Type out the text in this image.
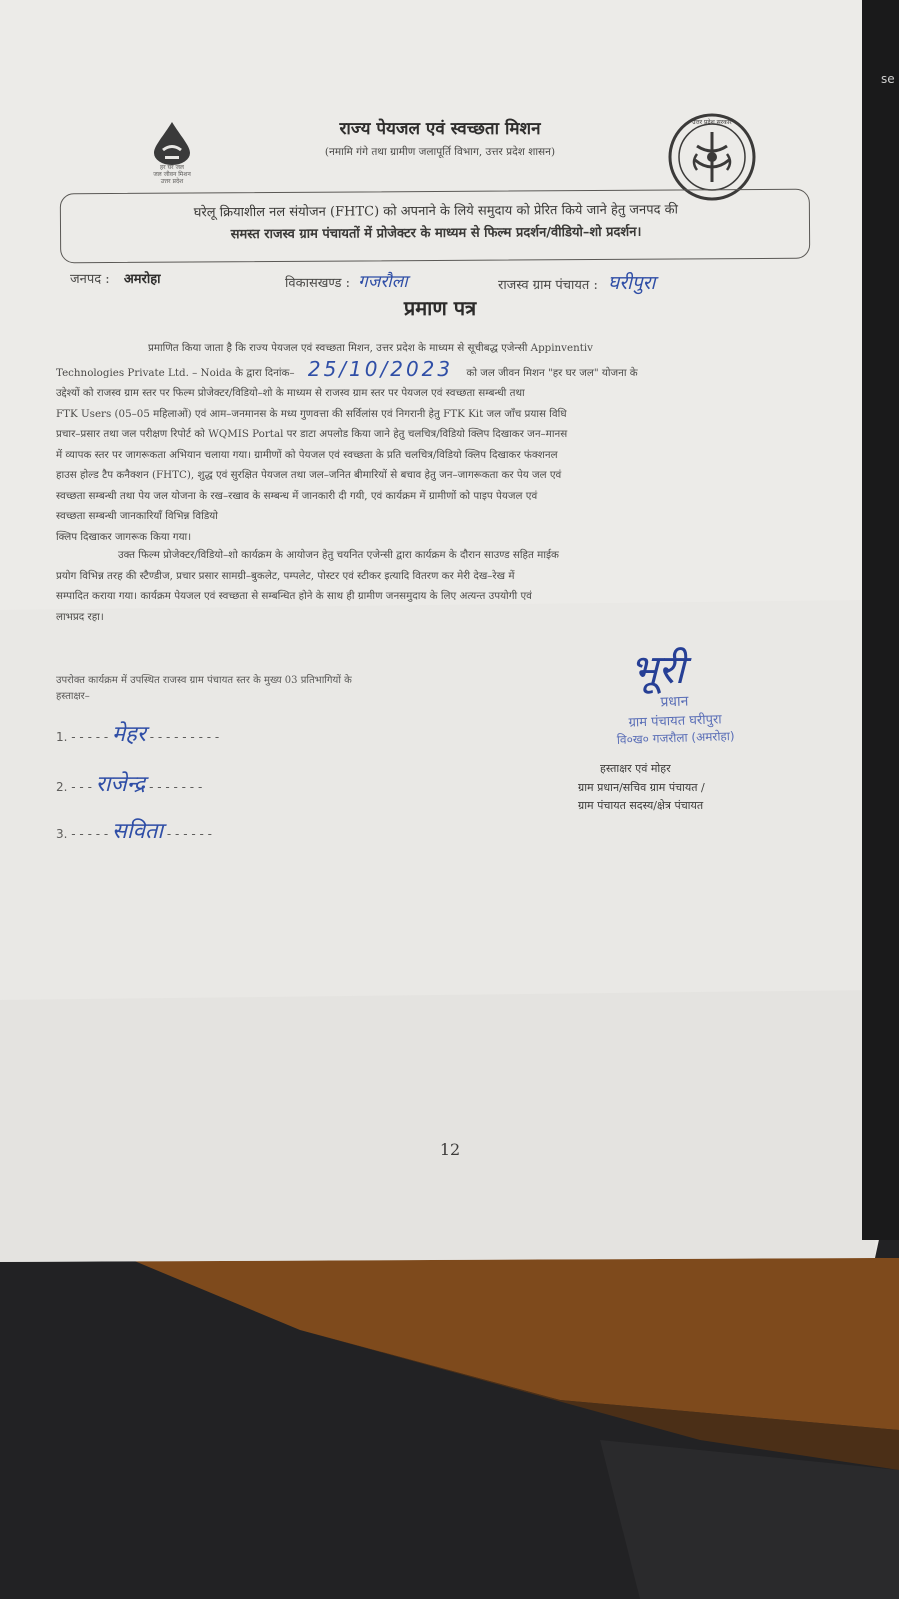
हर घर जल
जल जीवन मिशन
उत्तर प्रदेश
राज्य पेयजल एवं स्वच्छता मिशन
(नमामि गंगे तथा ग्रामीण जलापूर्ति विभाग, उत्तर प्रदेश शासन)
उत्तर प्रदेश सरकार

घरेलू क्रियाशील नल संयोजन (FHTC) को अपनाने के लिये समुदाय को प्रेरित किये जाने हेतु जनपद की

समस्त राजस्व ग्राम पंचायतों में प्रोजेक्टर के माध्यम से फिल्म प्रदर्शन/वीडियो–शो प्रदर्शन।

जनपद : अमरोहा	विकासखण्ड : गजरौला	राजस्व ग्राम पंचायत : घरीपुरा
प्रमाण पत्र
प्रमाणित किया जाता है कि राज्य पेयजल एवं स्वच्छता मिशन, उत्तर प्रदेश के माध्यम से सूचीबद्ध एजेन्सी Appinventiv
Technologies Private Ltd. – Noida के द्वारा दिनांक– 25/10/2023 को जल जीवन मिशन "हर घर जल" योजना के
उद्देश्यों को राजस्व ग्राम स्तर पर फिल्म प्रोजेक्टर/विडियो–शो के माध्यम से राजस्व ग्राम स्तर पर पेयजल एवं स्वच्छता सम्बन्धी तथा
FTK Users (05–05 महिलाओं) एवं आम–जनमानस के मध्य गुणवत्ता की सर्विलांस एवं निगरानी हेतु FTK Kit जल जाँच प्रयास विधि
प्रचार–प्रसार तथा जल परीक्षण रिपोर्ट को WQMIS Portal पर डाटा अपलोड किया जाने हेतु चलचित्र/विडियो क्लिप दिखाकर जन–मानस
में व्यापक स्तर पर जागरूकता अभियान चलाया गया। ग्रामीणों को पेयजल एवं स्वच्छता के प्रति चलचित्र/विडियो क्लिप दिखाकर फंक्शनल
हाउस होल्ड टैप कनैक्शन (FHTC), शुद्ध एवं सुरक्षित पेयजल तथा जल–जनित बीमारियों से बचाव हेतु जन–जागरूकता कर पेय जल एवं
स्वच्छता सम्बन्धी तथा पेय जल योजना के रख–रखाव के सम्बन्ध में जानकारी दी गयी, एवं कार्यक्रम में ग्रामीणों को पाइप पेयजल एवं
स्वच्छता सम्बन्धी जानकारियाँ विभिन्न विडियो
क्लिप दिखाकर जागरूक किया गया।
उक्त फिल्म प्रोजेक्टर/विडियो–शो कार्यक्रम के आयोजन हेतु चयनित एजेन्सी द्वारा कार्यक्रम के दौरान साउण्ड सहित माईक
प्रयोग विभिन्न तरह की स्टैण्डीज, प्रचार प्रसार सामग्री–बुकलेट, पम्पलेट, पोस्टर एवं स्टीकर इत्यादि वितरण कर मेरी देख–रेख में
सम्पादित कराया गया। कार्यक्रम पेयजल एवं स्वच्छता से सम्बन्धित होने के साथ ही ग्रामीण जनसमुदाय के लिए अत्यन्त उपयोगी एवं
लाभप्रद रहा।
उपरोक्त कार्यक्रम में उपस्थित राजस्व ग्राम पंचायत स्तर के मुख्य 03 प्रतिभागियों के
हस्ताक्षर–
1. - - - - - मेहर - - - - - - - - -
2. - - - राजेन्द्र - - - - - - -
3. - - - - - सविता - - - - - -
भूरी
प्रधान
ग्राम पंचायत घरीपुरा
वि०ख० गजरौला (अमरोहा)
हस्ताक्षर एवं मोहर
ग्राम प्रधान/सचिव ग्राम पंचायत /
ग्राम पंचायत सदस्य/क्षेत्र पंचायत
12
se
